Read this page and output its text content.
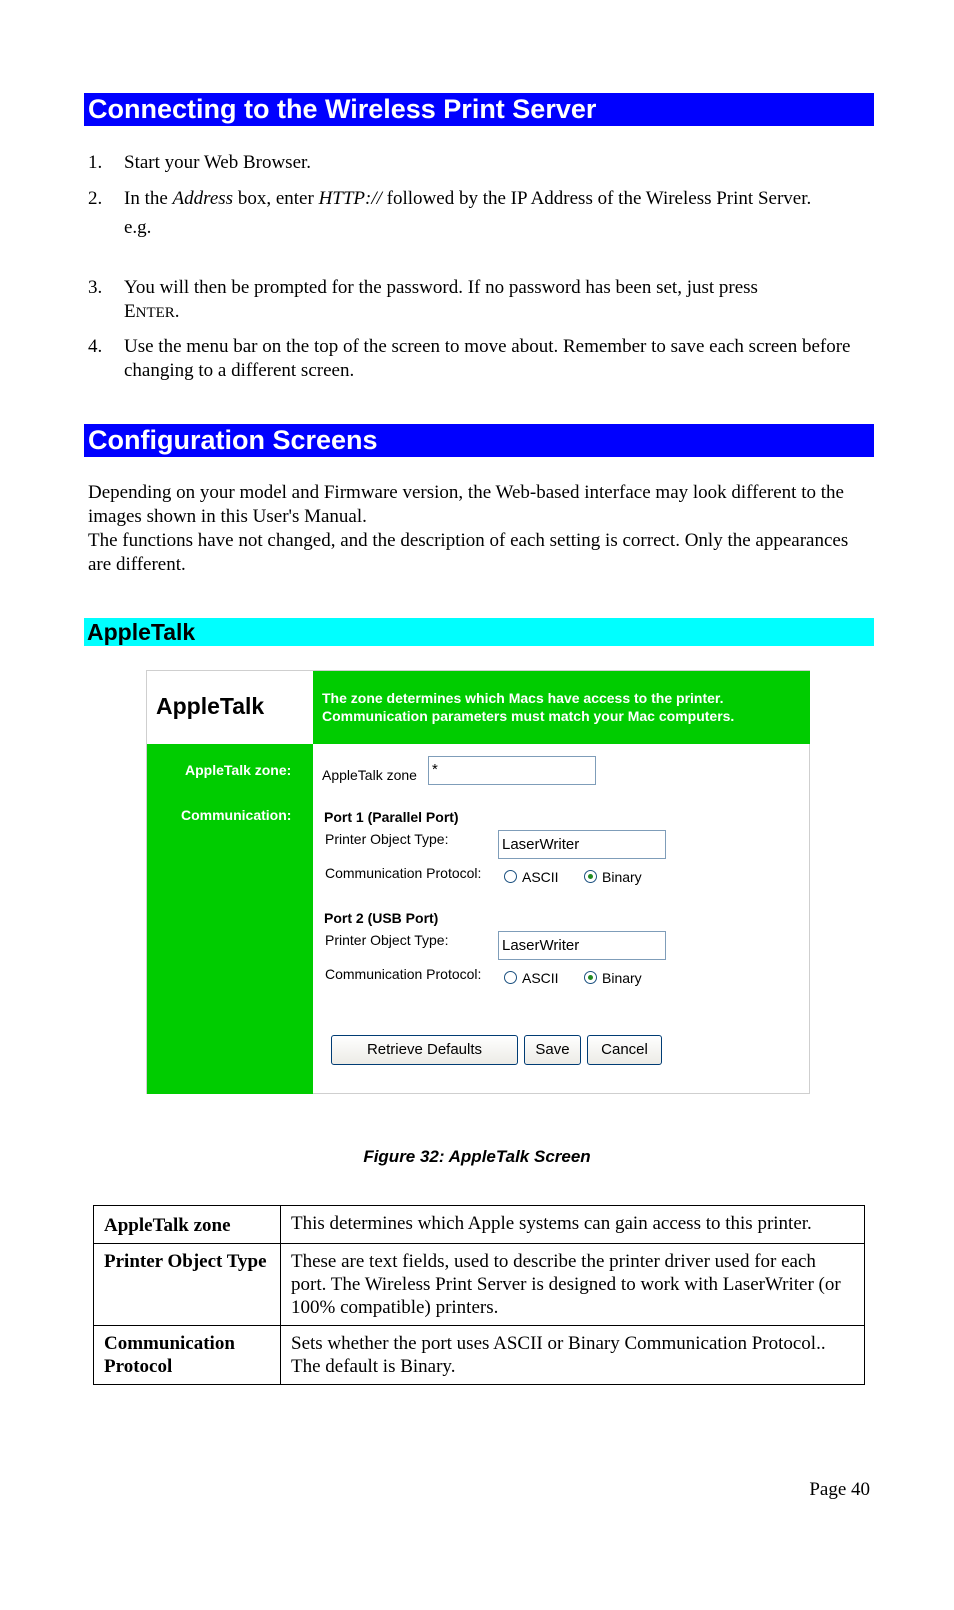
Connecting to the Wireless Print Server
1. Start your Web Browser.
2. In the Address box, enter HTTP:// followed by the IP Address of the Wireless Print Server.
e.g.
3. You will then be prompted for the password. If no password has been set, just press
ENTER.
4. Use the menu bar on the top of the screen to move about. Remember to save each screen before changing to a different screen.
Configuration Screens
Depending on your model and Firmware version, the Web-based interface may look different to the images shown in this User's Manual.
The functions have not changed, and the description of each setting is correct. Only the appearances are different.
AppleTalk
AppleTalk	The zone determines which Macs have access to the printer.
Communication parameters must match your Mac computers.
AppleTalk zone:
Communication:
AppleTalk zone
*
Port 1 (Parallel Port)
Printer Object Type:
LaserWriter
Communication Protocol:	ASCII	Binary
Port 2 (USB Port)
Printer Object Type:
LaserWriter
Communication Protocol:	ASCII	Binary
Retrieve Defaults	Save	Cancel
Figure 32: AppleTalk Screen
AppleTalk zone	This determines which Apple systems can gain access to this printer.
Printer Object Type	These are text fields, used to describe the printer driver used for each port. The Wireless Print Server is designed to work with LaserWriter (or 100% compatible) printers.
Communication Protocol	Sets whether the port uses ASCII or Binary Communication Protocol.. The default is Binary.
Page 40
